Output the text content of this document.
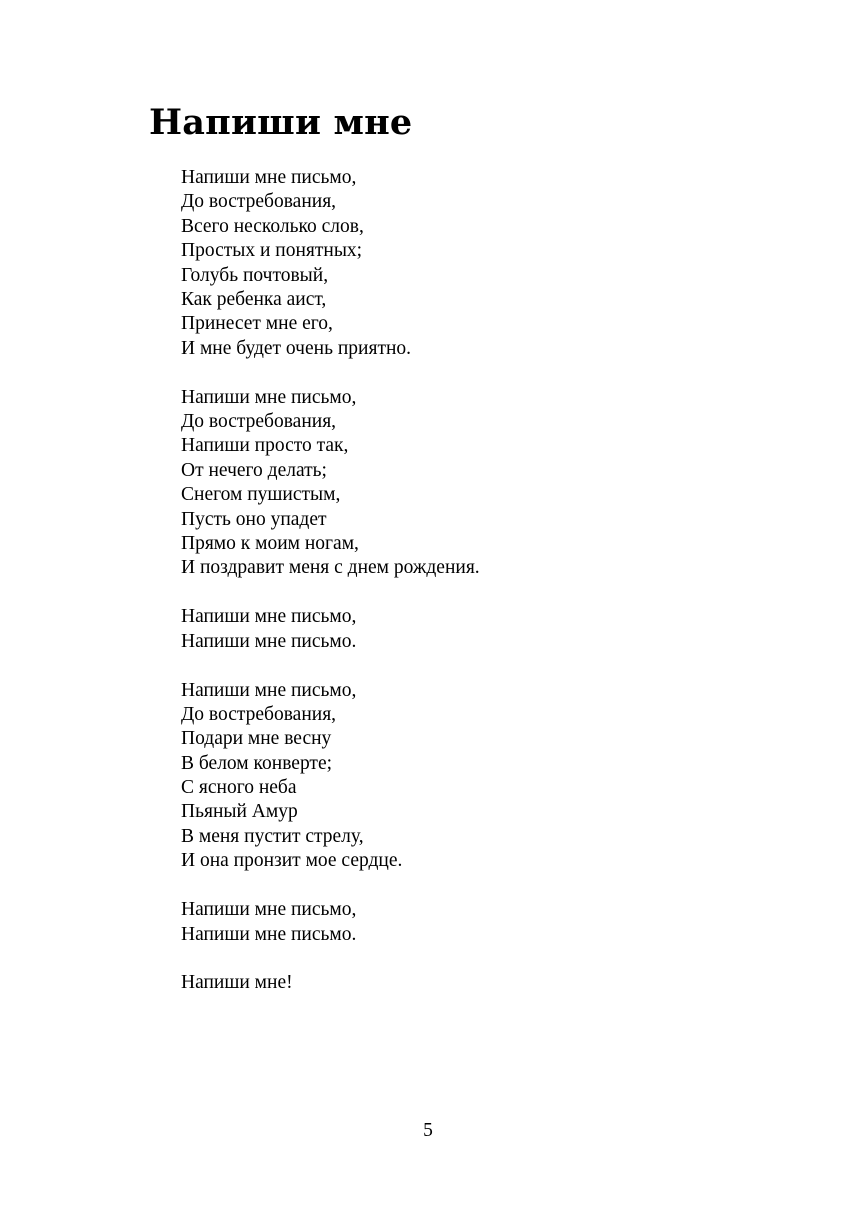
Напиши мне
Напиши мне письмо,
До востребования,
Всего несколько слов,
Простых и понятных;
Голубь почтовый,
Как ребенка аист,
Принесет мне его,
И мне будет очень приятно.
Напиши мне письмо,
До востребования,
Напиши просто так,
От нечего делать;
Снегом пушистым,
Пусть оно упадет
Прямо к моим ногам,
И поздравит меня с днем рождения.
Напиши мне письмо,
Напиши мне письмо.
Напиши мне письмо,
До востребования,
Подари мне весну
В белом конверте;
С ясного неба
Пьяный Амур
В меня пустит стрелу,
И она пронзит мое сердце.
Напиши мне письмо,
Напиши мне письмо.
Напиши мне!
5
